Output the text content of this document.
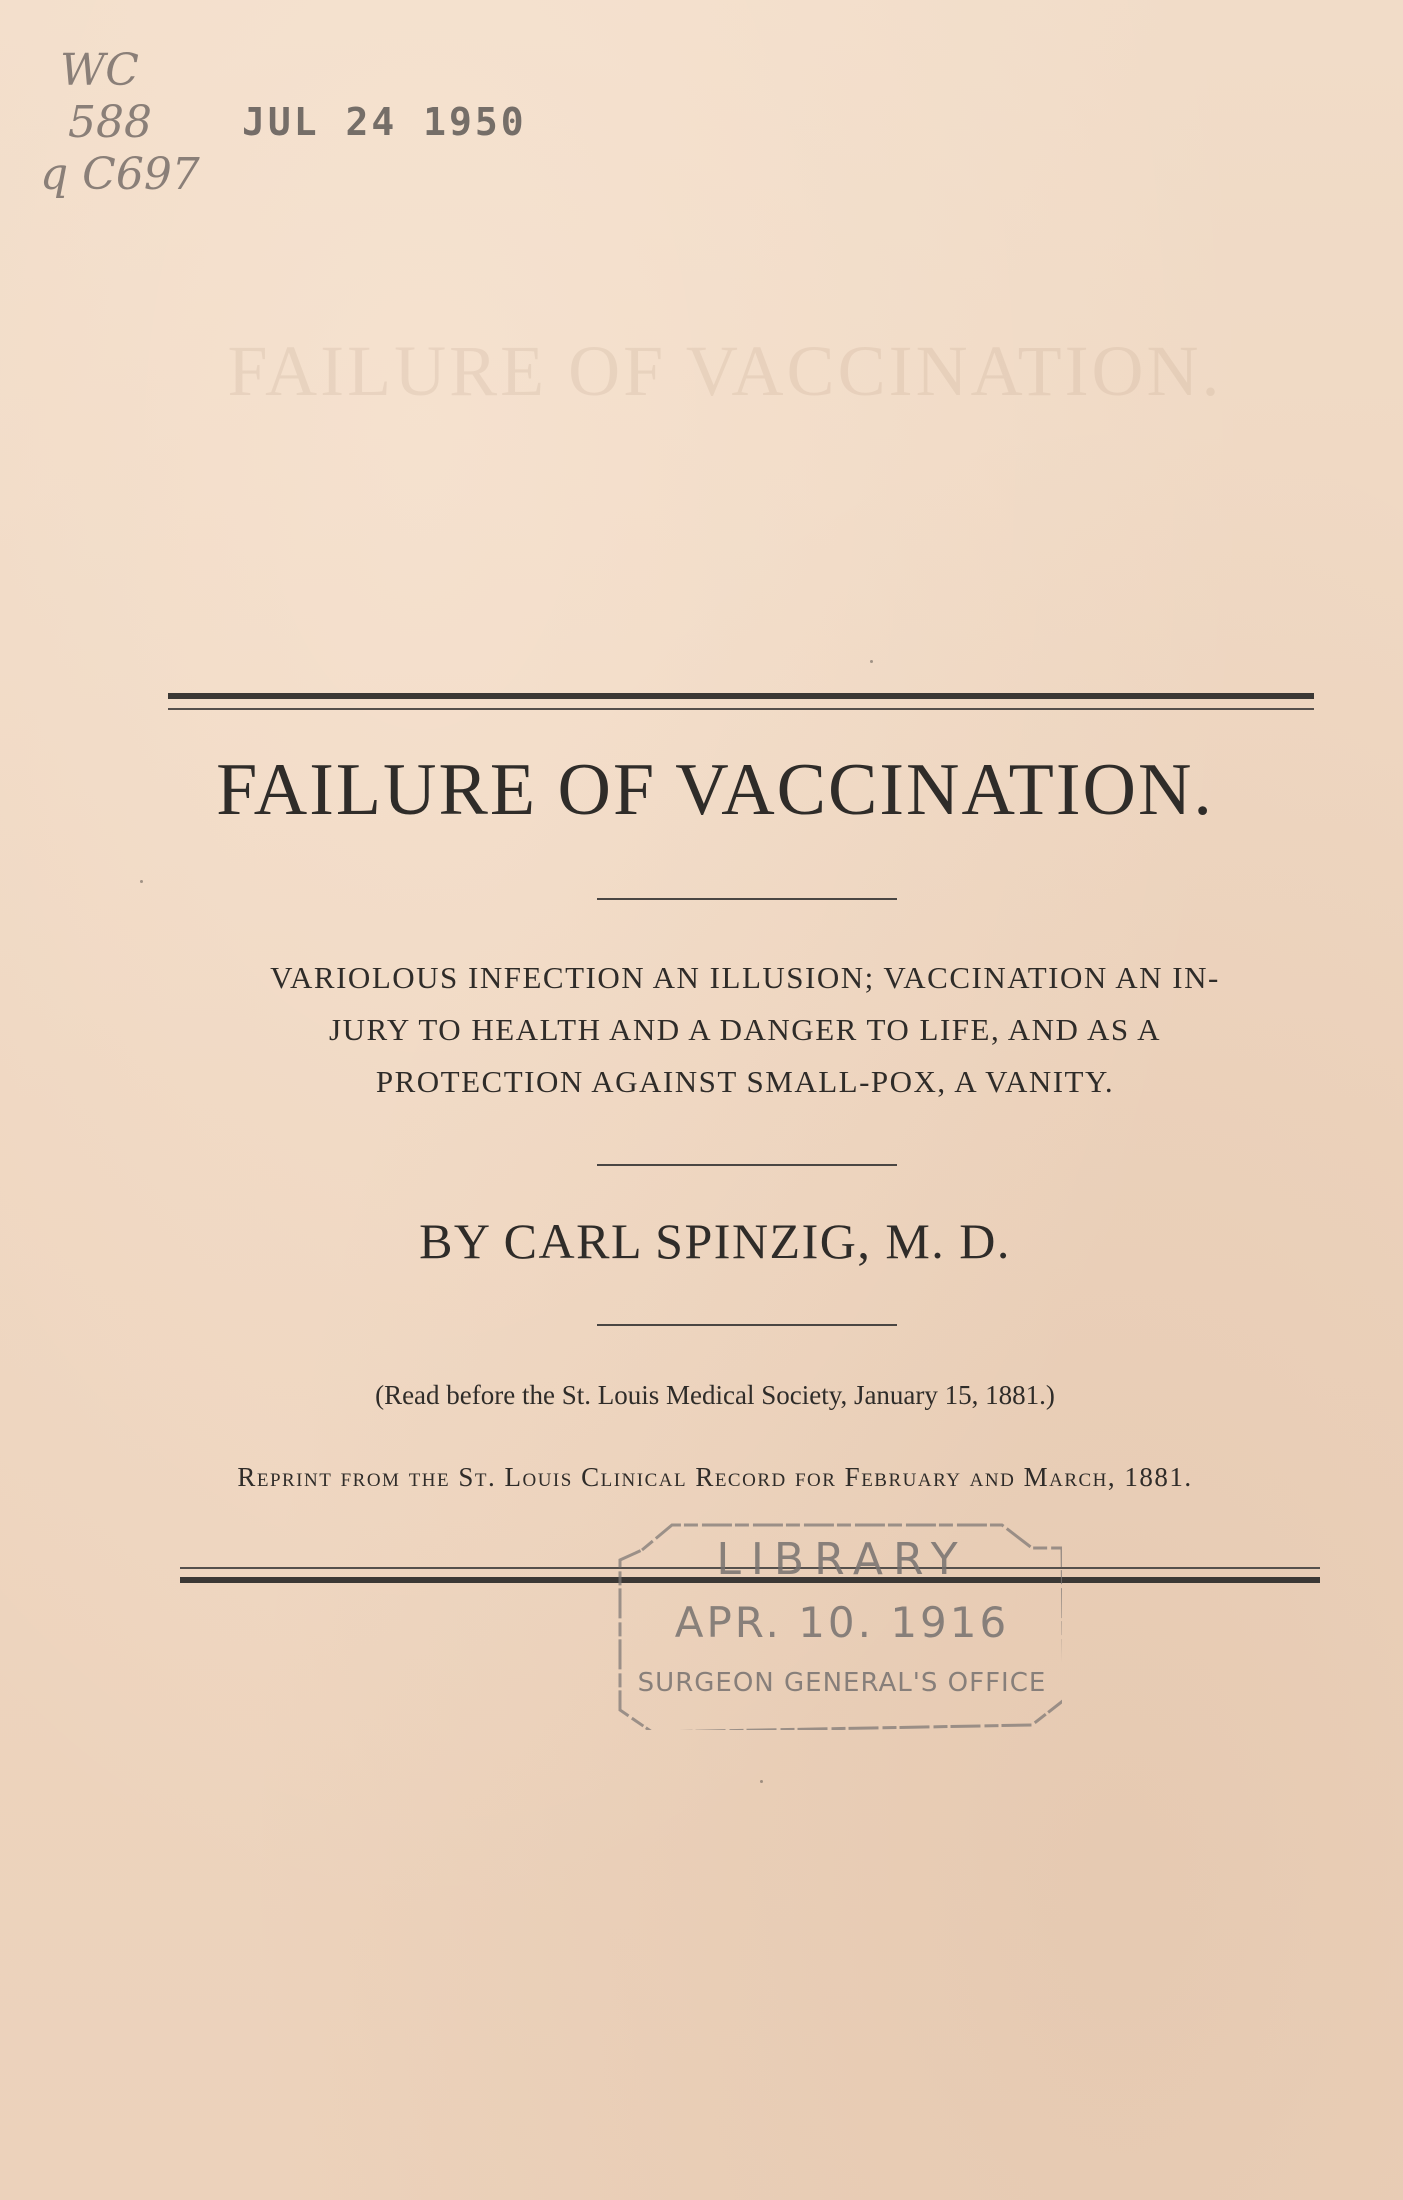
WC
588
q C697
JUL 24 1950
FAILURE OF VACCINATION.
FAILURE OF VACCINATION.
VARIOLOUS INFECTION AN ILLUSION; VACCINATION AN IN-
JURY TO HEALTH AND A DANGER TO LIFE, AND AS A
PROTECTION AGAINST SMALL-POX, A VANITY.
BY CARL SPINZIG, M. D.
(Read before the St. Louis Medical Society, January 15, 1881.)
Reprint from the St. Louis Clinical Record for February and March, 1881.
LIBRARY
APR. 10. 1916
SURGEON GENERAL'S OFFICE
